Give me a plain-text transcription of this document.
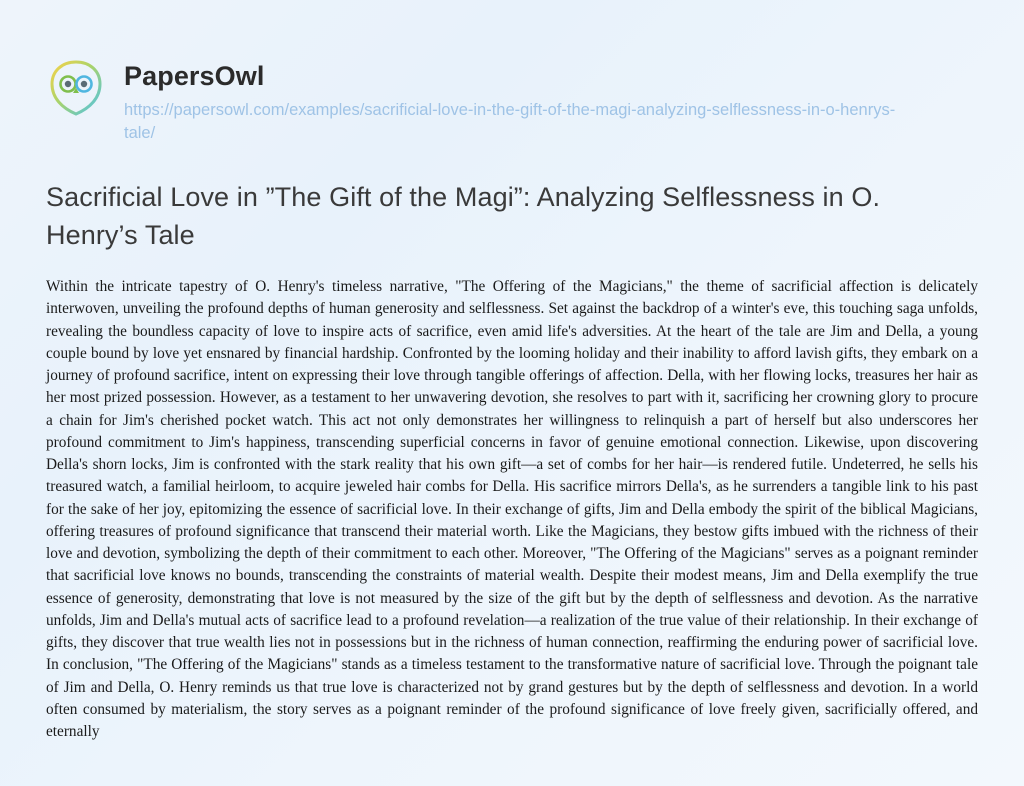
PapersOwl
https://papersowl.com/examples/sacrificial-love-in-the-gift-of-the-magi-analyzing-selflessness-in-o-henrys-tale/
Sacrificial Love in ”The Gift of the Magi”: Analyzing Selflessness in O. Henry’s Tale
Within the intricate tapestry of O. Henry's timeless narrative, "The Offering of the Magicians," the theme of sacrificial affection is delicately interwoven, unveiling the profound depths of human generosity and selflessness. Set against the backdrop of a winter's eve, this touching saga unfolds, revealing the boundless capacity of love to inspire acts of sacrifice, even amid life's adversities. At the heart of the tale are Jim and Della, a young couple bound by love yet ensnared by financial hardship. Confronted by the looming holiday and their inability to afford lavish gifts, they embark on a journey of profound sacrifice, intent on expressing their love through tangible offerings of affection. Della, with her flowing locks, treasures her hair as her most prized possession. However, as a testament to her unwavering devotion, she resolves to part with it, sacrificing her crowning glory to procure a chain for Jim's cherished pocket watch. This act not only demonstrates her willingness to relinquish a part of herself but also underscores her profound commitment to Jim's happiness, transcending superficial concerns in favor of genuine emotional connection. Likewise, upon discovering Della's shorn locks, Jim is confronted with the stark reality that his own gift—a set of combs for her hair—is rendered futile. Undeterred, he sells his treasured watch, a familial heirloom, to acquire jeweled hair combs for Della. His sacrifice mirrors Della's, as he surrenders a tangible link to his past for the sake of her joy, epitomizing the essence of sacrificial love. In their exchange of gifts, Jim and Della embody the spirit of the biblical Magicians, offering treasures of profound significance that transcend their material worth. Like the Magicians, they bestow gifts imbued with the richness of their love and devotion, symbolizing the depth of their commitment to each other. Moreover, "The Offering of the Magicians" serves as a poignant reminder that sacrificial love knows no bounds, transcending the constraints of material wealth. Despite their modest means, Jim and Della exemplify the true essence of generosity, demonstrating that love is not measured by the size of the gift but by the depth of selflessness and devotion. As the narrative unfolds, Jim and Della's mutual acts of sacrifice lead to a profound revelation—a realization of the true value of their relationship. In their exchange of gifts, they discover that true wealth lies not in possessions but in the richness of human connection, reaffirming the enduring power of sacrificial love. In conclusion, "The Offering of the Magicians" stands as a timeless testament to the transformative nature of sacrificial love. Through the poignant tale of Jim and Della, O. Henry reminds us that true love is characterized not by grand gestures but by the depth of selflessness and devotion. In a world often consumed by materialism, the story serves as a poignant reminder of the profound significance of love freely given, sacrificially offered, and eternally
